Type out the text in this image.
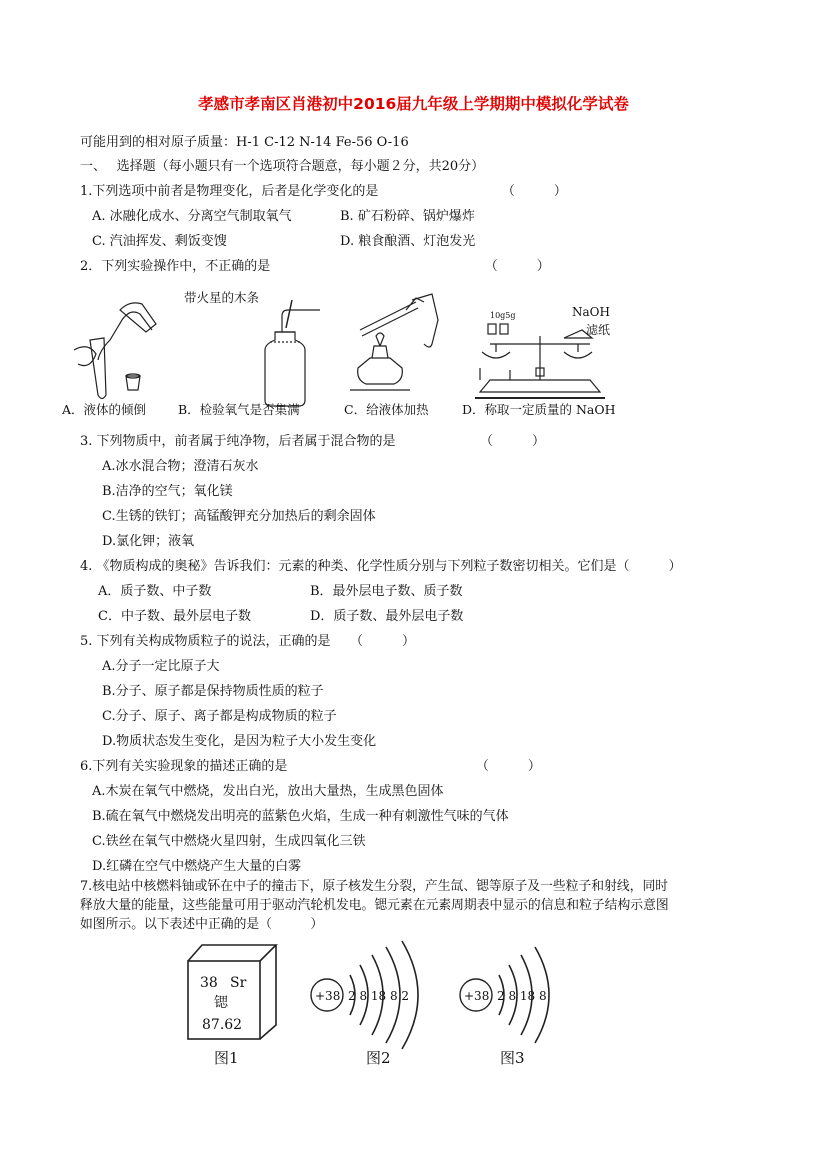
孝感市孝南区肖港初中2016届九年级上学期期中模拟化学试卷
可能用到的相对原子质量：H-1 C-12 N-14 Fe-56 O-16
一、　 选择题（每小题只有一个选项符合题意，每小题２分，共20分）
1.下列选项中前者是物理变化，后者是化学变化的是　　　　　　　　　　（　　　）
A. 冰融化成水、分离空气制取氧气	B. 矿石粉碎、锅炉爆炸
C. 汽油挥发、剩饭变馊	D. 粮食酿酒、灯泡发光
2．下列实验操作中，不正确的是　　　　　　　　　　　　　　　　　（　　　）
带火星的木条
10g5g	NaOH
滤纸
A．液体的倾倒	B．检验氧气是否集满	C．给液体加热	D．称取一定质量的 NaOH
3. 下列物质中，前者属于纯净物，后者属于混合物的是　　　　　　　（　　　）
A.冰水混合物；澄清石灰水
B.洁净的空气；氧化镁
C.生锈的铁钉；高锰酸钾充分加热后的剩余固体
D.氯化钾；液氧
4. 《物质构成的奥秘》告诉我们：元素的种类、化学性质分别与下列粒子数密切相关。它们是（　　　）
A．质子数、中子数	B．最外层电子数、质子数
C．中子数、最外层电子数	D．质子数、最外层电子数
5. 下列有关构成物质粒子的说法，正确的是　　（　　　）
A.分子一定比原子大
B.分子、原子都是保持物质性质的粒子
C.分子、原子、离子都是构成物质的粒子
D.物质状态发生变化，是因为粒子大小发生变化
6.下列有关实验现象的描述正确的是　　　　　　　　　　　　　　　（　　　）
A.木炭在氧气中燃烧，发出白光，放出大量热，生成黑色固体
B.硫在氧气中燃烧发出明亮的蓝紫色火焰，生成一种有刺激性气味的气体
C.铁丝在氧气中燃烧火星四射，生成四氧化三铁
D.红磷在空气中燃烧产生大量的白雾
7.核电站中核燃料铀或钚在中子的撞击下，原子核发生分裂，产生氙、锶等原子及一些粒子和射线，同时
释放大量的能量，这些能量可用于驱动汽轮机发电。锶元素在元素周期表中显示的信息和粒子结构示意图
如图所示。以下表述中正确的是（　　　）
38 Sr
锶
87.62
+38 2 8 18 8 2	+38 2 8 18 8
图1	图2	图3
